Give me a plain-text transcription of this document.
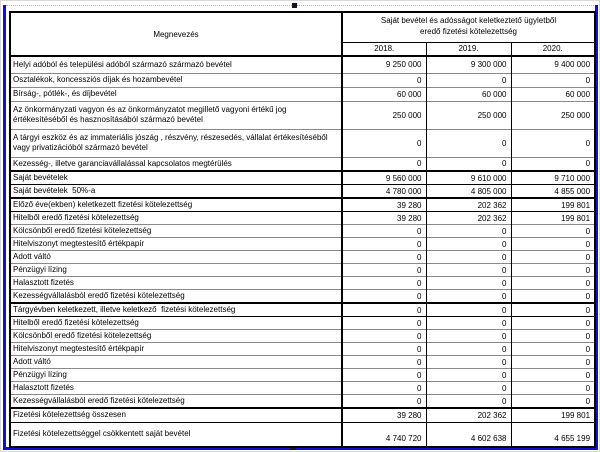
Megnevezés	Saját bevétel és adósságot keletkeztető ügyletből eredő fizetési kötelezettség		
	2018.	2019.	2020.
Helyi adóból és települési adóból származó származó bevétel	9 250 000	9 300 000	9 400 000
Osztalékok, koncessziós díjak és hozambevétel	0	0	0
Bírság-, pótlék-, és díjbevétel	60 000	60 000	60 000
Az önkormányzati vagyon és az önkormányzatot megillető vagyoni értékű jog értékesítéséből és hasznosításából származó bevétel	250 000	250 000	250 000
A tárgyi eszköz és az immateriális jószág , részvény, részesedés, vállalat értékesítéséből vagy privatizációból származó bevétel	0	0	0
Kezesség-, illetve garanciavállalással kapcsolatos megtérülés	0	0	0
Saját bevételek	9 560 000	9 610 000	9 710 000
Saját bevételek  50%-a	4 780 000	4 805 000	4 855 000
Előző éve(ekben) keletkezett fizetési kötelezettség	39 280	202 362	199 801
Hitelből eredő fizetési kötelezettség	39 280	202 362	199 801
Kölcsönből eredő fizetési kötelezettség	0	0	0
Hitelviszonyt megtestesítő értékpapír	0	0	0
Adott váltó	0	0	0
Pénzügyi lízing	0	0	0
Halasztott fizetés	0	0	0
Kezességvállalásból eredő fizetési kötelezettség	0	0	0
Tárgyévben keletkezett, illetve keletkező  fizetési kötelezettség	0	0	0
Hitelből eredő fizetési kötelezettség	0	0	0
Kölcsönből eredő fizetési kötelezettség	0	0	0
Hitelviszonyt megtestesítő értékpapír	0	0	0
Adott váltó	0	0	0
Pénzügyi lízing	0	0	0
Halasztott fizetés	0	0	0
Kezességvállalásból eredő fizetési kötelezettség	0	0	0
Fizetési kötelezettség összesen	39 280	202 362	199 801
Fizetési kötelezettséggel csökkentett saját bevétel	4 740 720	4 602 638	4 655 199
